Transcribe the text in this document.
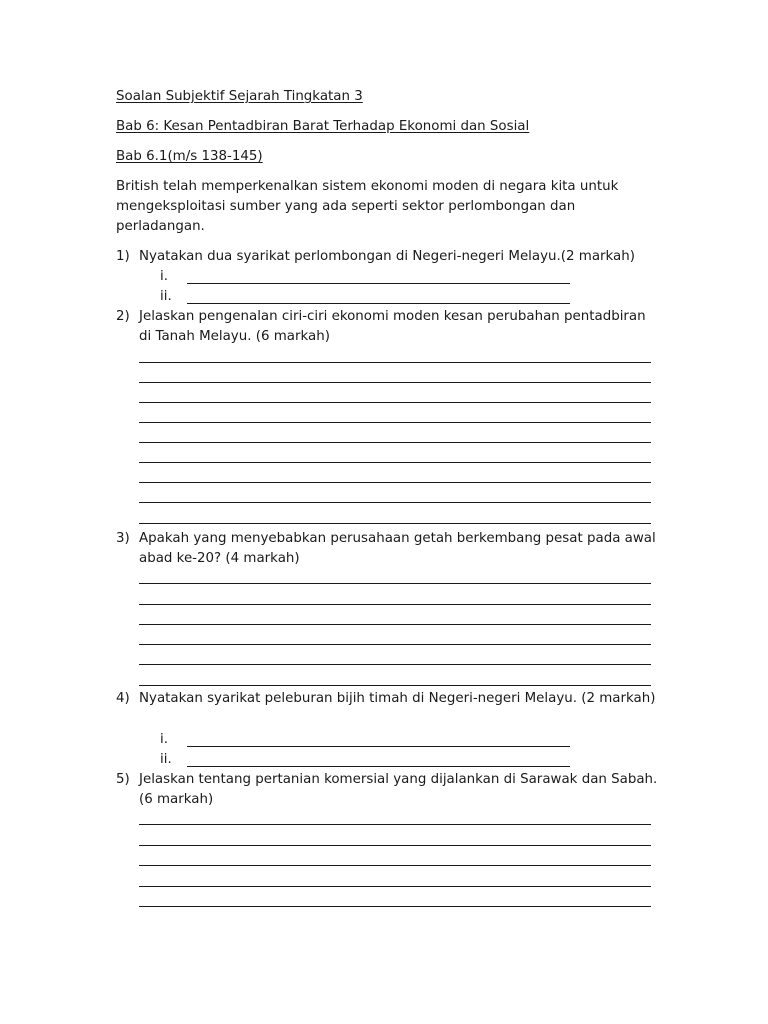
Soalan Subjektif Sejarah Tingkatan 3
Bab 6: Kesan Pentadbiran Barat Terhadap Ekonomi dan Sosial
Bab 6.1(m/s 138-145)
British telah memperkenalkan sistem ekonomi moden di negara kita untuk mengeksploitasi sumber yang ada seperti sektor perlombongan dan perladangan.
1) Nyatakan dua syarikat perlombongan di Negeri-negeri Melayu.(2 markah)
i.
ii.
2) Jelaskan pengenalan ciri-ciri ekonomi moden kesan perubahan pentadbiran di Tanah Melayu. (6 markah)
3) Apakah yang menyebabkan perusahaan getah berkembang pesat pada awal abad ke-20? (4 markah)
4) Nyatakan syarikat peleburan bijih timah di Negeri-negeri Melayu. (2 markah)
i.
ii.
5) Jelaskan tentang pertanian komersial yang dijalankan di Sarawak dan Sabah. (6 markah)
